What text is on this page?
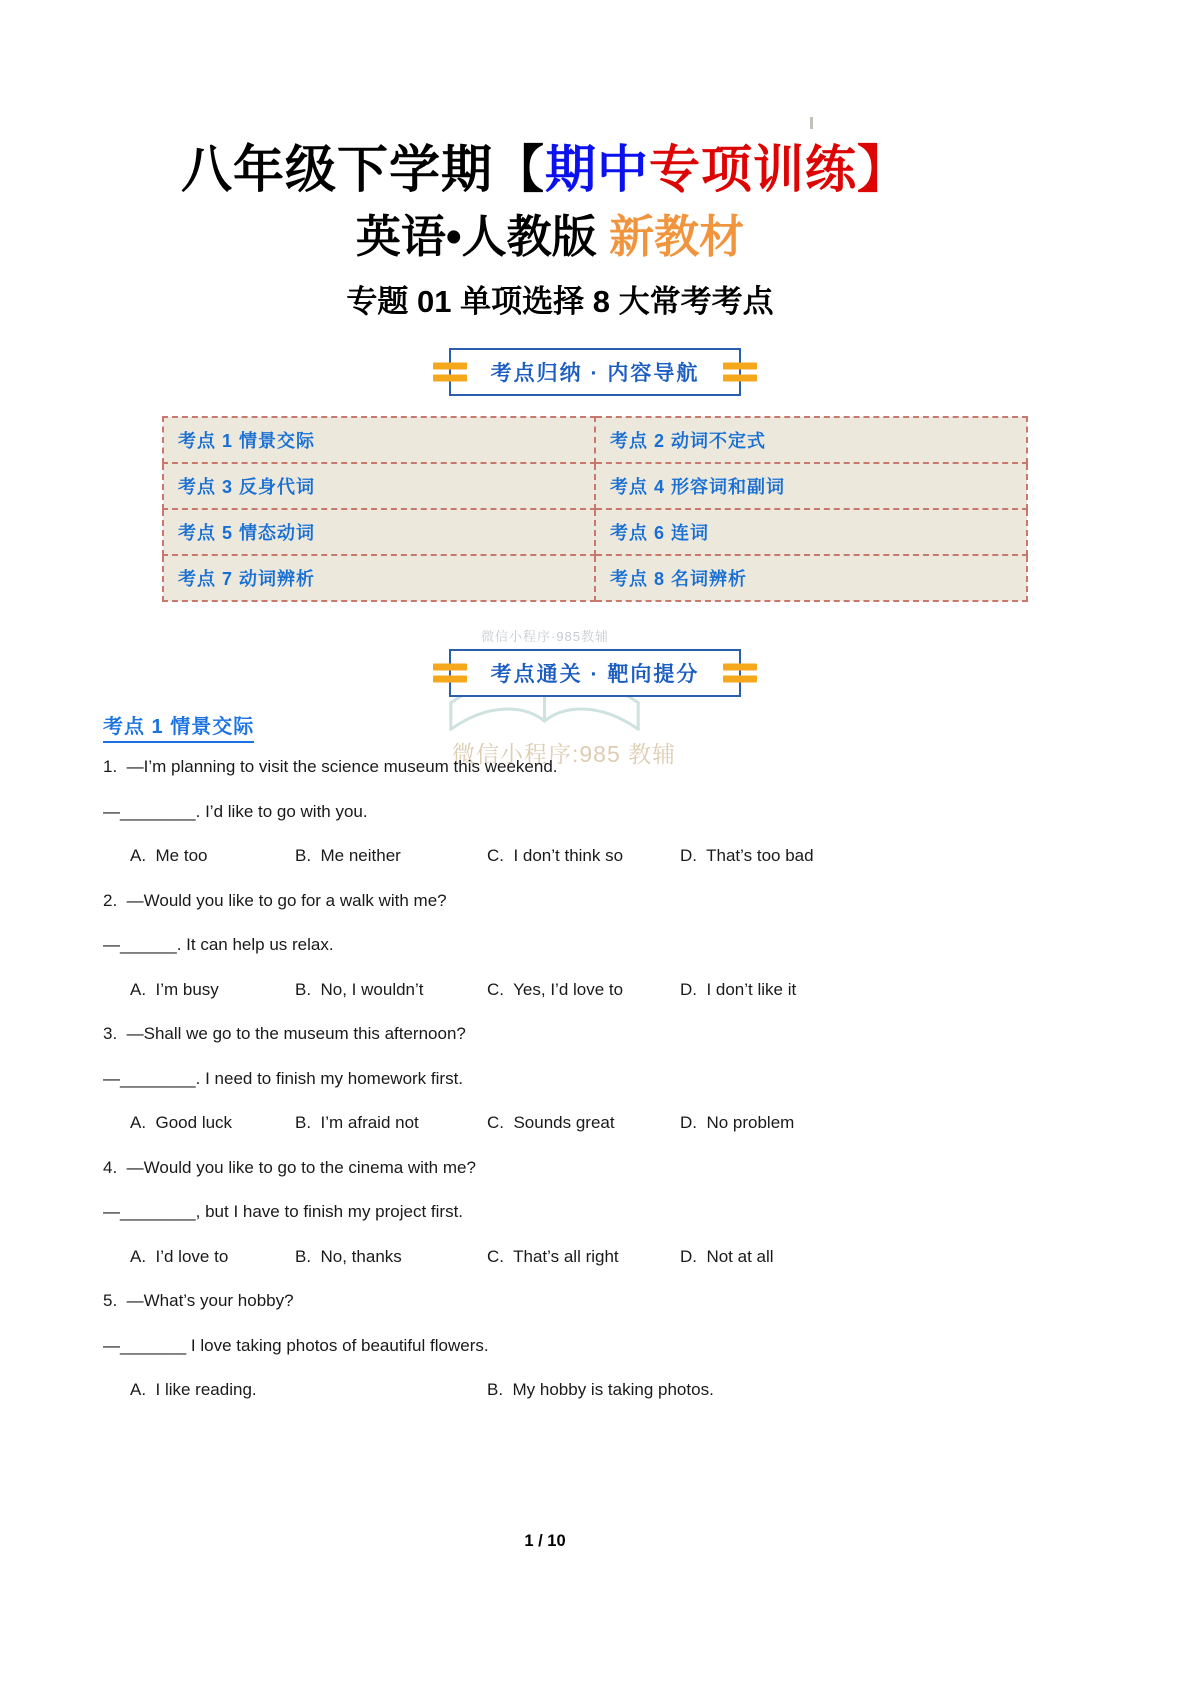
八年级下学期【期中专项训练】
英语•人教版 新教材
专题 01 单项选择 8 大常考考点
考点归纳 · 内容导航
考点 1 情景交际	考点 2 动词不定式
考点 3 反身代词	考点 4 形容词和副词
考点 5 情态动词	考点 6 连词
考点 7 动词辨析	考点 8 名词辨析
微信小程序·985教辅
微信小程序:985 教辅
考点通关 · 靶向提分
考点 1 情景交际

1.  —I’m planning to visit the science museum this weekend.

—________. I’d like to go with you.

A.  Me too	B.  Me neither	C.  I don’t think so	D.  That’s too bad

2.  —Would you like to go for a walk with me?

—______. It can help us relax.

A.  I’m busy	B.  No, I wouldn’t	C.  Yes, I’d love to	D.  I don’t like it

3.  —Shall we go to the museum this afternoon?

—________. I need to finish my homework first.

A.  Good luck	B.  I’m afraid not	C.  Sounds great	D.  No problem

4.  —Would you like to go to the cinema with me?

—________, but I have to finish my project first.

A.  I’d love to	B.  No, thanks	C.  That’s all right	D.  Not at all

5.  —What’s your hobby?

—_______ I love taking photos of beautiful flowers.

A.  I like reading.	B.  My hobby is taking photos.
1 / 10
